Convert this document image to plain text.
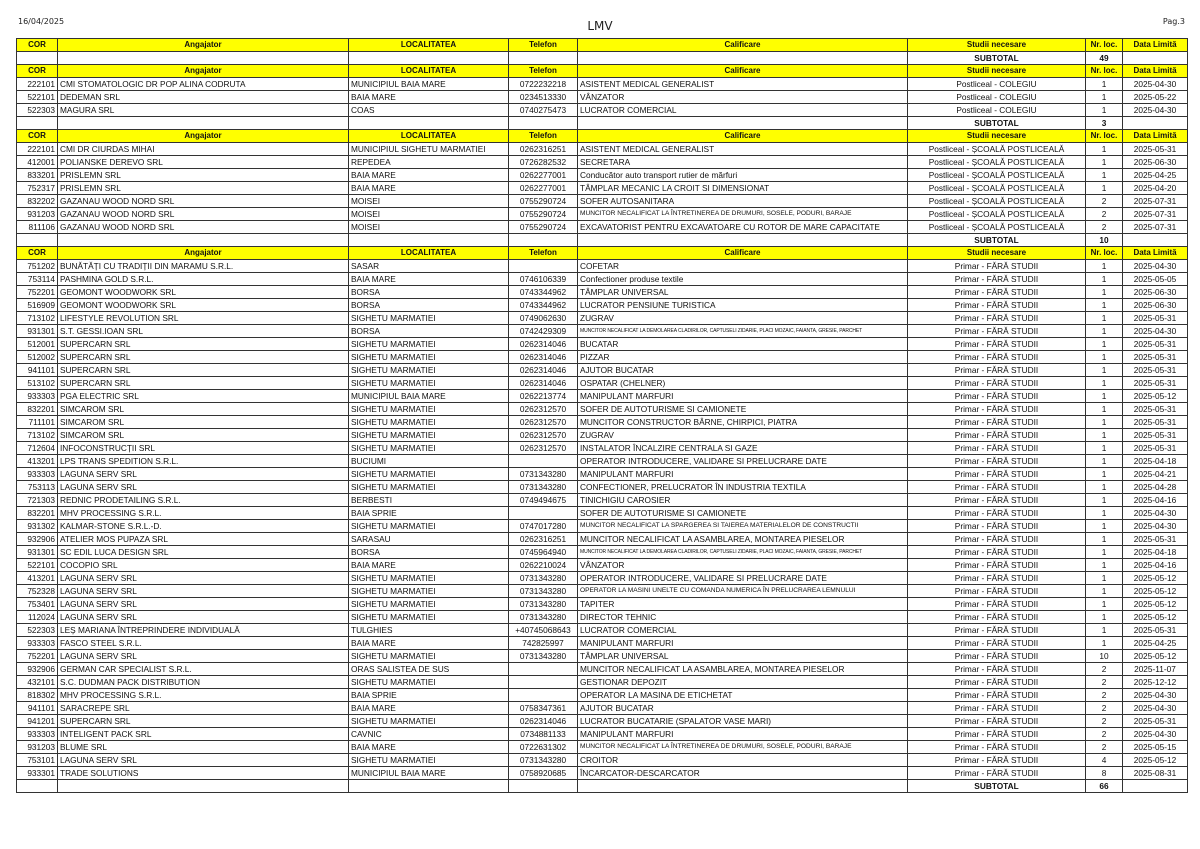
16/04/2025	LMV	Pag.3
COR	Angajator	LOCALITATEA	Telefon	Calificare	Studii necesare	Nr. loc.	Data Limită
					SUBTOTAL	49	
COR	Angajator	LOCALITATEA	Telefon	Calificare	Studii necesare	Nr. loc.	Data Limită
222101	CMI STOMATOLOGIC DR POP ALINA CODRUTA	MUNICIPIUL BAIA MARE	0722232218	ASISTENT MEDICAL GENERALIST	Postliceal - COLEGIU	1	2025-04-30
522101	DEDEMAN SRL	BAIA MARE	0234513330	VÂNZATOR	Postliceal - COLEGIU	1	2025-05-22
522303	MAGURA SRL	COAS	0740275473	LUCRATOR COMERCIAL	Postliceal - COLEGIU	1	2025-04-30
					SUBTOTAL	3	
COR	Angajator	LOCALITATEA	Telefon	Calificare	Studii necesare	Nr. loc.	Data Limită
222101	CMI DR CIURDAS MIHAI	MUNICIPIUL SIGHETU MARMATIEI	0262316251	ASISTENT MEDICAL GENERALIST	Postliceal - ȘCOALĂ POSTLICEALĂ	1	2025-05-31
412001	POLIANSKE DEREVO SRL	REPEDEA	0726282532	SECRETARA	Postliceal - ȘCOALĂ POSTLICEALĂ	1	2025-06-30
833201	PRISLEMN SRL	BAIA MARE	0262277001	Conducător auto transport rutier de mărfuri	Postliceal - ȘCOALĂ POSTLICEALĂ	1	2025-04-25
752317	PRISLEMN SRL	BAIA MARE	0262277001	TÂMPLAR MECANIC LA CROIT SI DIMENSIONAT	Postliceal - ȘCOALĂ POSTLICEALĂ	1	2025-04-20
832202	GAZANAU WOOD NORD SRL	MOISEI	0755290724	SOFER AUTOSANITARA	Postliceal - ȘCOALĂ POSTLICEALĂ	2	2025-07-31
931203	GAZANAU WOOD NORD SRL	MOISEI	0755290724	MUNCITOR NECALIFICAT LA ÎNTRETINEREA DE DRUMURI, SOSELE, PODURI, BARAJE	Postliceal - ȘCOALĂ POSTLICEALĂ	2	2025-07-31
811106	GAZANAU WOOD NORD SRL	MOISEI	0755290724	EXCAVATORIST PENTRU EXCAVATOARE CU ROTOR DE MARE CAPACITATE	Postliceal - ȘCOALĂ POSTLICEALĂ	2	2025-07-31
					SUBTOTAL	10	
COR	Angajator	LOCALITATEA	Telefon	Calificare	Studii necesare	Nr. loc.	Data Limită
751202	BUNĂTĂȚI CU TRADIȚII DIN MARAMU S.R.L.	SASAR		COFETAR	Primar - FĂRĂ STUDII	1	2025-04-30
753114	PASHMINA GOLD S.R.L.	BAIA MARE	0746106339	Confectioner produse textile	Primar - FĂRĂ STUDII	1	2025-05-05
752201	GEOMONT WOODWORK SRL	BORSA	0743344962	TÂMPLAR UNIVERSAL	Primar - FĂRĂ STUDII	1	2025-06-30
516909	GEOMONT WOODWORK SRL	BORSA	0743344962	LUCRATOR PENSIUNE TURISTICA	Primar - FĂRĂ STUDII	1	2025-06-30
713102	LIFESTYLE REVOLUTION SRL	SIGHETU MARMATIEI	0749062630	ZUGRAV	Primar - FĂRĂ STUDII	1	2025-05-31
931301	S.T. GESSI.IOAN SRL	BORSA	0742429309	MUNCITOR NECALIFICAT LA DEMOLAREA CLADIRILOR, CAPTUSELI ZIDARIE, PLACI MOZAIC, FAIANTA, GRESIE, PARCHET	Primar - FĂRĂ STUDII	1	2025-04-30
512001	SUPERCARN SRL	SIGHETU MARMATIEI	0262314046	BUCATAR	Primar - FĂRĂ STUDII	1	2025-05-31
512002	SUPERCARN SRL	SIGHETU MARMATIEI	0262314046	PIZZAR	Primar - FĂRĂ STUDII	1	2025-05-31
941101	SUPERCARN SRL	SIGHETU MARMATIEI	0262314046	AJUTOR BUCATAR	Primar - FĂRĂ STUDII	1	2025-05-31
513102	SUPERCARN SRL	SIGHETU MARMATIEI	0262314046	OSPATAR (CHELNER)	Primar - FĂRĂ STUDII	1	2025-05-31
933303	PGA ELECTRIC SRL	MUNICIPIUL BAIA MARE	0262213774	MANIPULANT MARFURI	Primar - FĂRĂ STUDII	1	2025-05-12
832201	SIMCAROM SRL	SIGHETU MARMATIEI	0262312570	SOFER DE AUTOTURISME SI CAMIONETE	Primar - FĂRĂ STUDII	1	2025-05-31
711101	SIMCAROM SRL	SIGHETU MARMATIEI	0262312570	MUNCITOR CONSTRUCTOR BÂRNE, CHIRPICI, PIATRA	Primar - FĂRĂ STUDII	1	2025-05-31
713102	SIMCAROM SRL	SIGHETU MARMATIEI	0262312570	ZUGRAV	Primar - FĂRĂ STUDII	1	2025-05-31
712604	INFOCONSTRUCȚII SRL	SIGHETU MARMATIEI	0262312570	INSTALATOR ÎNCALZIRE CENTRALA SI GAZE	Primar - FĂRĂ STUDII	1	2025-05-31
413201	LPS TRANS SPEDITION S.R.L.	BUCIUMI		OPERATOR INTRODUCERE, VALIDARE SI PRELUCRARE DATE	Primar - FĂRĂ STUDII	1	2025-04-18
933303	LAGUNA SERV SRL	SIGHETU MARMATIEI	0731343280	MANIPULANT MARFURI	Primar - FĂRĂ STUDII	1	2025-04-21
753113	LAGUNA SERV SRL	SIGHETU MARMATIEI	0731343280	CONFECTIONER, PRELUCRATOR ÎN INDUSTRIA TEXTILA	Primar - FĂRĂ STUDII	1	2025-04-28
721303	REDNIC PRODETAILING S.R.L.	BERBESTI	0749494675	TINICHIGIU CAROSIER	Primar - FĂRĂ STUDII	1	2025-04-16
832201	MHV PROCESSING S.R.L.	BAIA SPRIE		SOFER DE AUTOTURISME SI CAMIONETE	Primar - FĂRĂ STUDII	1	2025-04-30
931302	KALMAR-STONE S.R.L.-D.	SIGHETU MARMATIEI	0747017280	MUNCITOR NECALIFICAT LA SPARGEREA SI TAIEREA MATERIALELOR DE CONSTRUCTII	Primar - FĂRĂ STUDII	1	2025-04-30
932906	ATELIER MOS PUPAZA SRL	SARASAU	0262316251	MUNCITOR NECALIFICAT LA ASAMBLAREA, MONTAREA PIESELOR	Primar - FĂRĂ STUDII	1	2025-05-31
931301	SC EDIL LUCA DESIGN SRL	BORSA	0745964940	MUNCITOR NECALIFICAT LA DEMOLAREA CLADIRILOR, CAPTUSELI ZIDARIE, PLACI MOZAIC, FAIANTA, GRESIE, PARCHET	Primar - FĂRĂ STUDII	1	2025-04-18
522101	COCOPIO SRL	BAIA MARE	0262210024	VÂNZATOR	Primar - FĂRĂ STUDII	1	2025-04-16
413201	LAGUNA SERV SRL	SIGHETU MARMATIEI	0731343280	OPERATOR INTRODUCERE, VALIDARE SI PRELUCRARE DATE	Primar - FĂRĂ STUDII	1	2025-05-12
752328	LAGUNA SERV SRL	SIGHETU MARMATIEI	0731343280	OPERATOR LA MASINI UNELTE CU COMANDA NUMERICA ÎN PRELUCRAREA LEMNULUI	Primar - FĂRĂ STUDII	1	2025-05-12
753401	LAGUNA SERV SRL	SIGHETU MARMATIEI	0731343280	TAPITER	Primar - FĂRĂ STUDII	1	2025-05-12
112024	LAGUNA SERV SRL	SIGHETU MARMATIEI	0731343280	DIRECTOR TEHNIC	Primar - FĂRĂ STUDII	1	2025-05-12
522303	LEȘ MARIANA ÎNTREPRINDERE INDIVIDUALĂ	TULGHIES	+40745068643	LUCRATOR COMERCIAL	Primar - FĂRĂ STUDII	1	2025-05-31
933303	FASCO STEEL S.R.L.	BAIA MARE	742825997	MANIPULANT MARFURI	Primar - FĂRĂ STUDII	1	2025-04-25
752201	LAGUNA SERV SRL	SIGHETU MARMATIEI	0731343280	TÂMPLAR UNIVERSAL	Primar - FĂRĂ STUDII	10	2025-05-12
932906	GERMAN CAR SPECIALIST S.R.L.	ORAS SALISTEA DE SUS		MUNCITOR NECALIFICAT LA ASAMBLAREA, MONTAREA PIESELOR	Primar - FĂRĂ STUDII	2	2025-11-07
432101	S.C. DUDMAN PACK DISTRIBUTION	SIGHETU MARMATIEI		GESTIONAR DEPOZIT	Primar - FĂRĂ STUDII	2	2025-12-12
818302	MHV PROCESSING S.R.L.	BAIA SPRIE		OPERATOR LA MASINA DE ETICHETAT	Primar - FĂRĂ STUDII	2	2025-04-30
941101	SARACREPE SRL	BAIA MARE	0758347361	AJUTOR BUCATAR	Primar - FĂRĂ STUDII	2	2025-04-30
941201	SUPERCARN SRL	SIGHETU MARMATIEI	0262314046	LUCRATOR BUCATARIE (SPALATOR VASE MARI)	Primar - FĂRĂ STUDII	2	2025-05-31
933303	INTELIGENT PACK SRL	CAVNIC	0734881133	MANIPULANT MARFURI	Primar - FĂRĂ STUDII	2	2025-04-30
931203	BLUME SRL	BAIA MARE	0722631302	MUNCITOR NECALIFICAT LA ÎNTRETINEREA DE DRUMURI, SOSELE, PODURI, BARAJE	Primar - FĂRĂ STUDII	2	2025-05-15
753101	LAGUNA SERV SRL	SIGHETU MARMATIEI	0731343280	CROITOR	Primar - FĂRĂ STUDII	4	2025-05-12
933301	TRADE SOLUTIONS	MUNICIPIUL BAIA MARE	0758920685	ÎNCARCATOR-DESCARCATOR	Primar - FĂRĂ STUDII	8	2025-08-31
					SUBTOTAL	66	
